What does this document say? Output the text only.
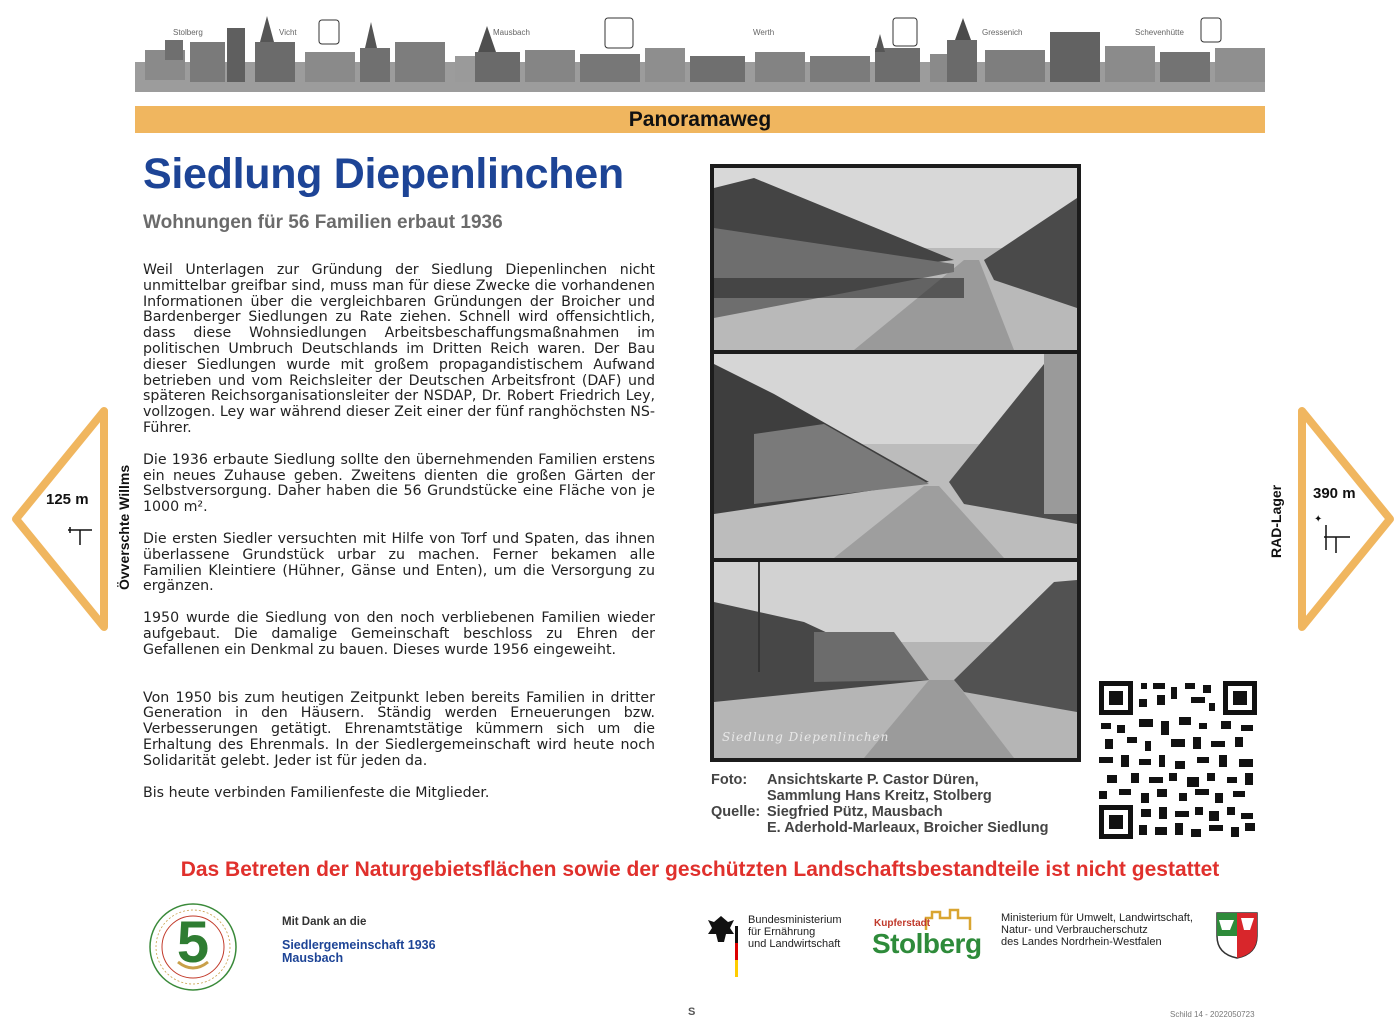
Stolberg	Vicht	Mausbach	Werth	Gressenich	Schevenhütte
Panoramaweg
Siedlung Diepenlinchen
Wohnungen für 56 Familien erbaut 1936

Weil Unterlagen zur Gründung der Siedlung Diepenlinchen nicht unmittelbar greifbar sind, muss man für diese Zwecke die vorhandenen Informationen über die vergleichbaren Gründungen der Broicher und Bardenberger Siedlungen zu Rate ziehen. Schnell wird offensichtlich, dass diese Wohnsiedlungen Arbeitsbeschaffungsmaßnahmen im politischen Umbruch Deutschlands im Dritten Reich waren. Der Bau dieser Siedlungen wurde mit großem propagandistischem Aufwand betrieben und vom Reichsleiter der Deutschen Arbeitsfront (DAF) und späteren Reichsorganisationsleiter der NSDAP, Dr. Robert Friedrich Ley, vollzogen. Ley war während dieser Zeit einer der fünf ranghöchsten NS-Führer.

Die 1936 erbaute Siedlung sollte den übernehmenden Familien erstens ein neues Zuhause geben. Zweitens dienten die großen Gärten der Selbstversorgung. Daher haben die 56 Grundstücke eine Fläche von je 1000 m².

Die ersten Siedler versuchten mit Hilfe von Torf und Spaten, das ihnen überlassene Grundstück urbar zu machen. Ferner bekamen alle Familien Kleintiere (Hühner, Gänse und Enten), um die Versorgung zu ergänzen.

1950 wurde die Siedlung von den noch verbliebenen Familien wieder aufgebaut. Die damalige Gemeinschaft beschloss zu Ehren der Gefallenen ein Denkmal zu bauen. Dieses wurde 1956 eingeweiht.

Von 1950 bis zum heutigen Zeitpunkt leben bereits Familien in dritter Generation in den Häusern. Ständig werden Erneuerungen bzw. Verbesserungen getätigt. Ehrenamtstätige kümmern sich um die Erhaltung des Ehrenmals. In der Siedlergemeinschaft wird heute noch Solidarität gelebt. Jeder ist für jeden da.

Bis heute verbinden Familienfeste die Mitglieder.

Siedlung Diepenlinchen
Foto: Ansichtskarte P. Castor Düren,
Sammlung Hans Kreitz, Stolberg
Quelle: Siegfried Pütz, Mausbach
E. Aderhold-Marleaux, Broicher Siedlung
Das Betreten der Naturgebietsflächen sowie der geschützten Landschaftsbestandteile ist nicht gestattet
125 m Övverschte Willms	✦
390 m
RAD-Lager
5	Mit Dank an die
Siedlergemeinschaft 1936
Mausbach
Bundesministerium
für Ernährung
und Landwirtschaft
Kupferstadt
Stolberg
Ministerium für Umwelt, Landwirtschaft,
Natur- und Verbraucherschutz
des Landes Nordrhein-Westfalen
S	Schild 14 - 2022050723
